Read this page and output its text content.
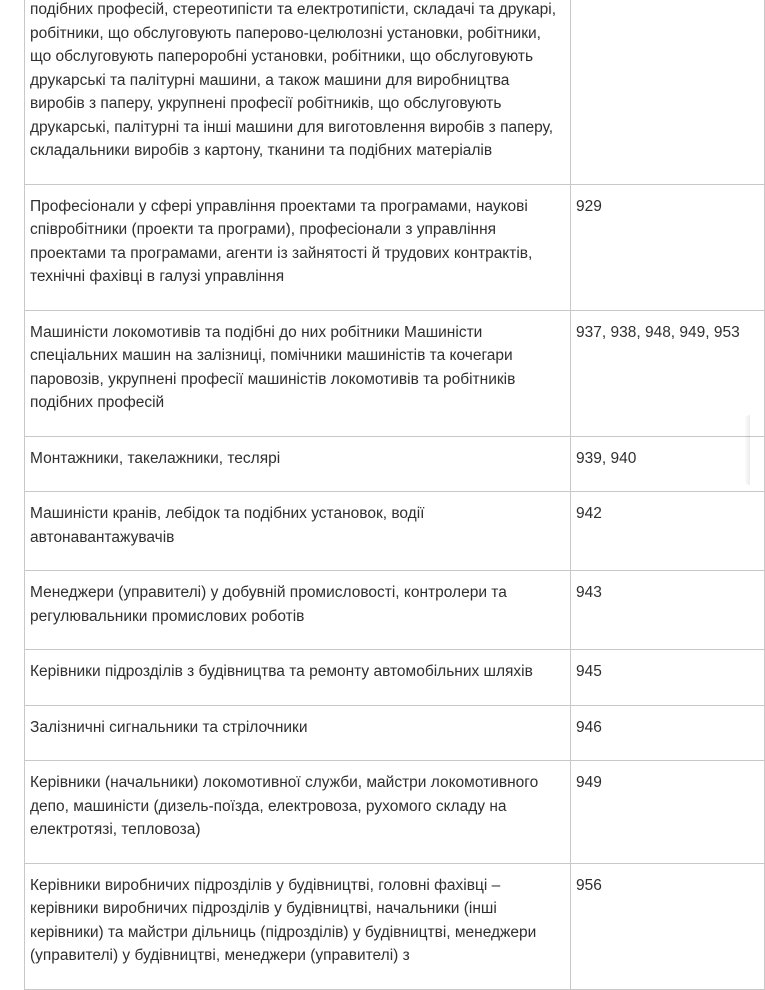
подібних професій, стереотипісти та електротипісти, складачі та друкарі, робітники, що обслуговують паперово-целюлозні установки, робітники, що обслуговують папероробні установки, робітники, що обслуговують друкарські та палітурні машини, а також машини для виробництва виробів з паперу, укрупнені професії робітників, що обслуговують друкарські, палітурні та інші машини для виготовлення виробів з паперу, складальники виробів з картону, тканини та подібних матеріалів	
Професіонали у сфері управління проектами та програмами, наукові співробітники (проекти та програми), професіонали з управління проектами та програмами, агенти із зайнятості й трудових контрактів, технічні фахівці в галузі управління	929
Машиністи локомотивів та подібні до них робітники Машиністи спеціальних машин на залізниці, помічники машиністів та кочегари паровозів, укрупнені професії машиністів локомотивів та робітників подібних професій	937, 938, 948, 949, 953
Монтажники, такелажники, теслярі	939, 940
Машиністи кранів, лебідок та подібних установок, водії автонавантажувачів	942
Менеджери (управителі) у добувній промисловості, контролери та регулювальники промислових роботів	943
Керівники підрозділів з будівництва та ремонту автомобільних шляхів	945
Залізничні сигнальники та стрілочники	946
Керівники (начальники) локомотивної служби, майстри локомотивного депо, машиністи (дизель-поїзда, електровоза, рухомого складу на електротязі, тепловоза)	949
Керівники виробничих підрозділів у будівництві, головні фахівці – керівники виробничих підрозділів у будівництві, начальники (інші керівники) та майстри дільниць (підрозділів) у будівництві, менеджери (управителі) у будівництві, менеджери (управителі) з	956
